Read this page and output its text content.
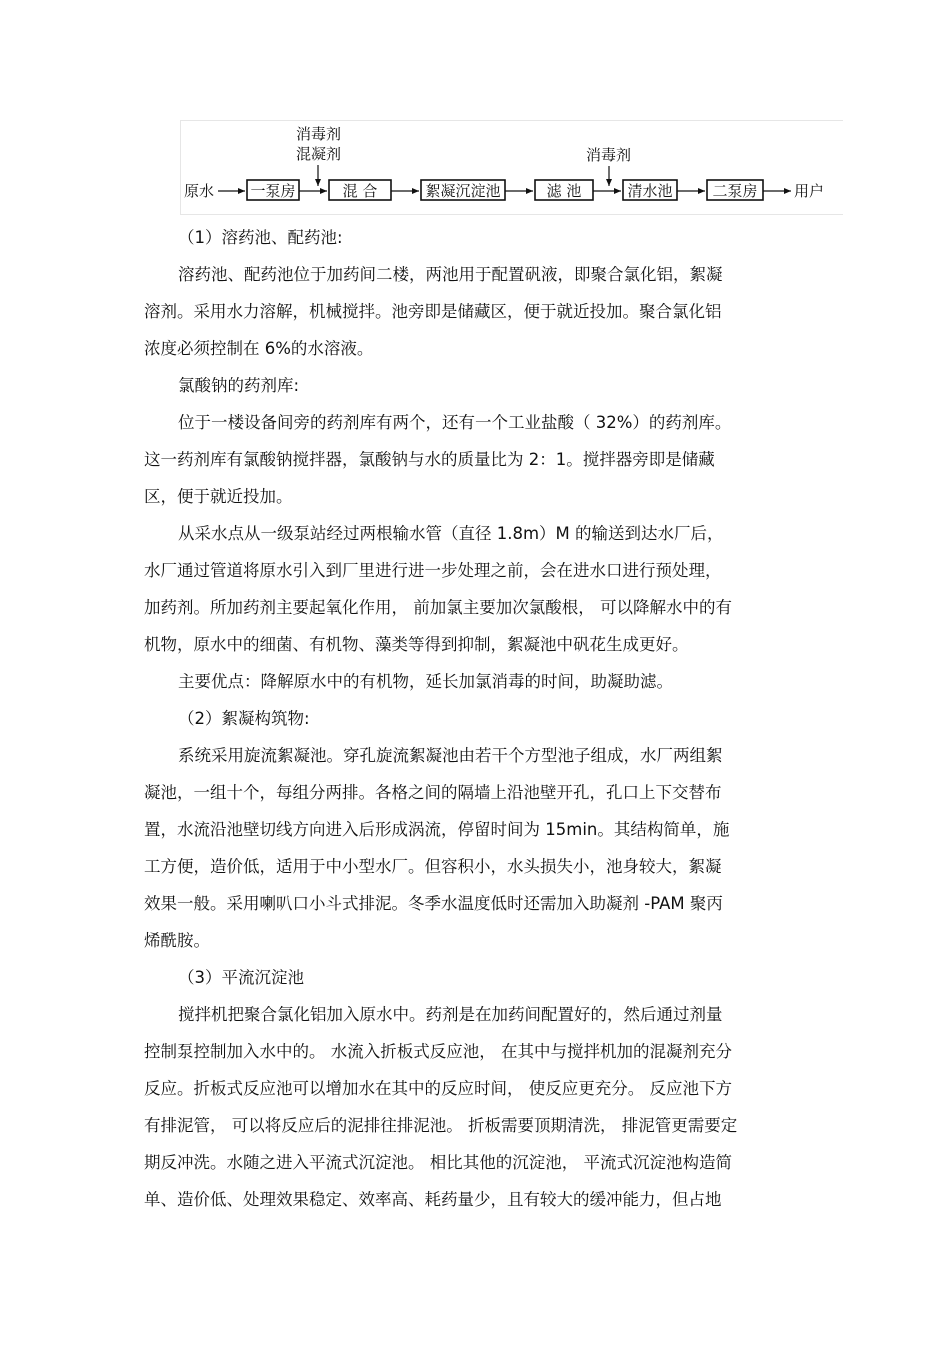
消毒剂
混凝剂	消毒剂
原水 一泵房	混 合	絮凝沉淀池	滤 池	清水池	二泵房 用户

（1）溶药池、配药池:

溶药池、配药池位于加药间二楼，两池用于配置矾液，即聚合氯化铝，絮凝

溶剂。采用水力溶解，机械搅拌。池旁即是储藏区，便于就近投加。聚合氯化铝

浓度必须控制在 6%的水溶液。

氯酸钠的药剂库:

位于一楼设备间旁的药剂库有两个，还有一个工业盐酸（ 32%）的药剂库。

这一药剂库有氯酸钠搅拌器，氯酸钠与水的质量比为 2：1。搅拌器旁即是储藏

区，便于就近投加。

从采水点从一级泵站经过两根输水管（直径 1.8m）M 的输送到达水厂后，

水厂通过管道将原水引入到厂里进行进一步处理之前，会在进水口进行预处理，

加药剂。所加药剂主要起氧化作用， 前加氯主要加次氯酸根， 可以降解水中的有

机物，原水中的细菌、有机物、藻类等得到抑制，絮凝池中矾花生成更好。

主要优点：降解原水中的有机物，延长加氯消毒的时间，助凝助滤。

（2）絮凝构筑物:

系统采用旋流絮凝池。穿孔旋流絮凝池由若干个方型池子组成，水厂两组絮

凝池，一组十个，每组分两排。各格之间的隔墙上沿池壁开孔，孔口上下交替布

置，水流沿池壁切线方向进入后形成涡流，停留时间为 15min。其结构简单，施

工方便，造价低，适用于中小型水厂。但容积小，水头损失小，池身较大，絮凝

效果一般。采用喇叭口小斗式排泥。冬季水温度低时还需加入助凝剂 -PAM 聚丙

烯酰胺。

（3）平流沉淀池

搅拌机把聚合氯化铝加入原水中。药剂是在加药间配置好的，然后通过剂量

控制泵控制加入水中的。 水流入折板式反应池， 在其中与搅拌机加的混凝剂充分

反应。折板式反应池可以增加水在其中的反应时间， 使反应更充分。 反应池下方

有排泥管， 可以将反应后的泥排往排泥池。 折板需要顶期清洗， 排泥管更需要定

期反冲洗。水随之进入平流式沉淀池。 相比其他的沉淀池， 平流式沉淀池构造简

单、造价低、处理效果稳定、效率高、耗药量少，且有较大的缓冲能力，但占地
